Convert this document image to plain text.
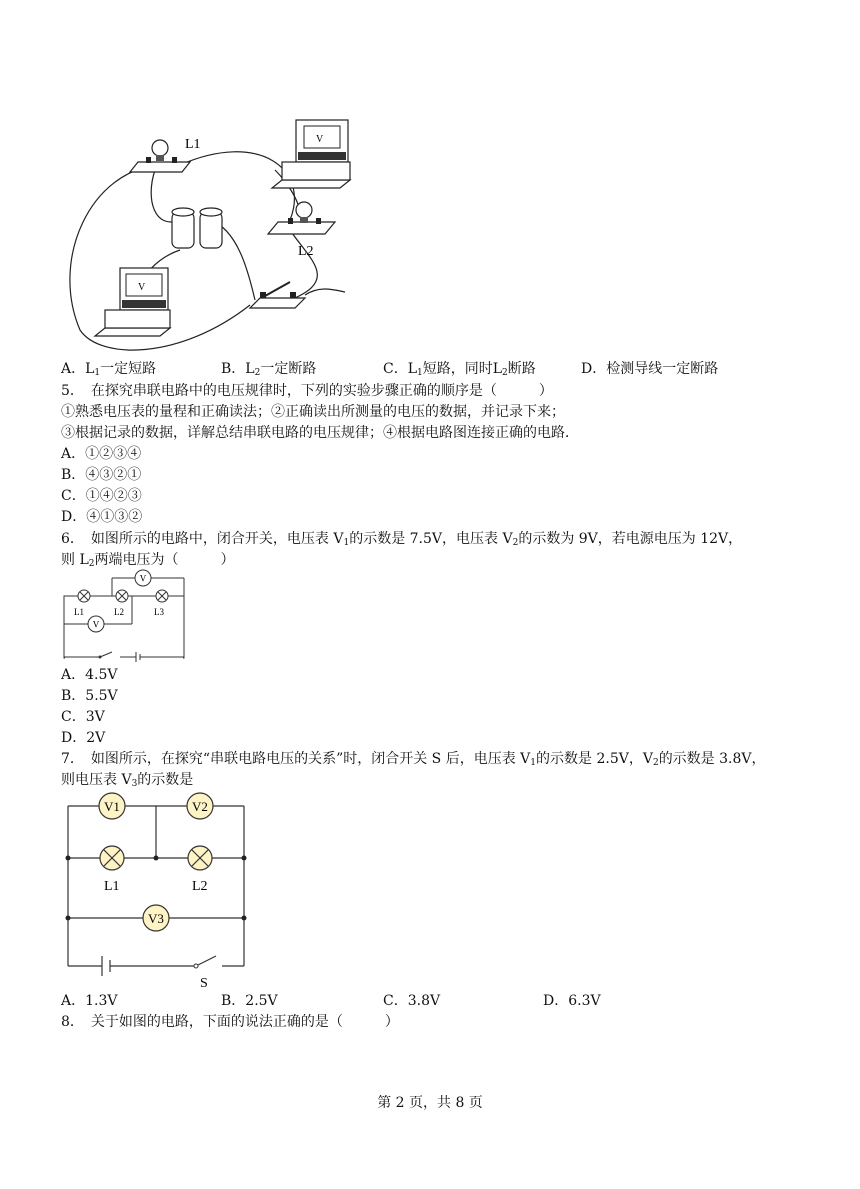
L1	V
L2
V
A．$L_1$一定短路	B．$L_2$一定断路	C．$L_1$短路，同时$L_2$断路	D．检测导线一定断路
5．　在探究串联电路中的电压规律时，下列的实验步骤正确的顺序是（　　　）
①熟悉电压表的量程和正确读法；②正确读出所测量的电压的数据，并记录下来；
③根据记录的数据，详解总结串联电路的电压规律；④根据电路图连接正确的电路．
A．①②③④
B．④③②①
C．①④②③
D．④①③②
6．　如图所示的电路中，闭合开关，电压表 $V_1$的示数是 7.5V，电压表 $V_2$的示数为 9V，若电源电压为 12V，
则 $L_2$两端电压为（　　　）
V
V
L1	L2	L3
A．4.5V
B．5.5V
C．3V
D．2V
7．　如图所示，在探究“串联电路电压的关系”时，闭合开关 S 后，电压表 $V_1$的示数是 2.5V，$V_2$的示数是 3.8V，
则电压表 $V_3$的示数是
V1	V2
V3
L1	L2
S
A．1.3V	B．2.5V	C．3.8V	D．6.3V
8．　关于如图的电路，下面的说法正确的是（　　　）
第 2 页，共 8 页
